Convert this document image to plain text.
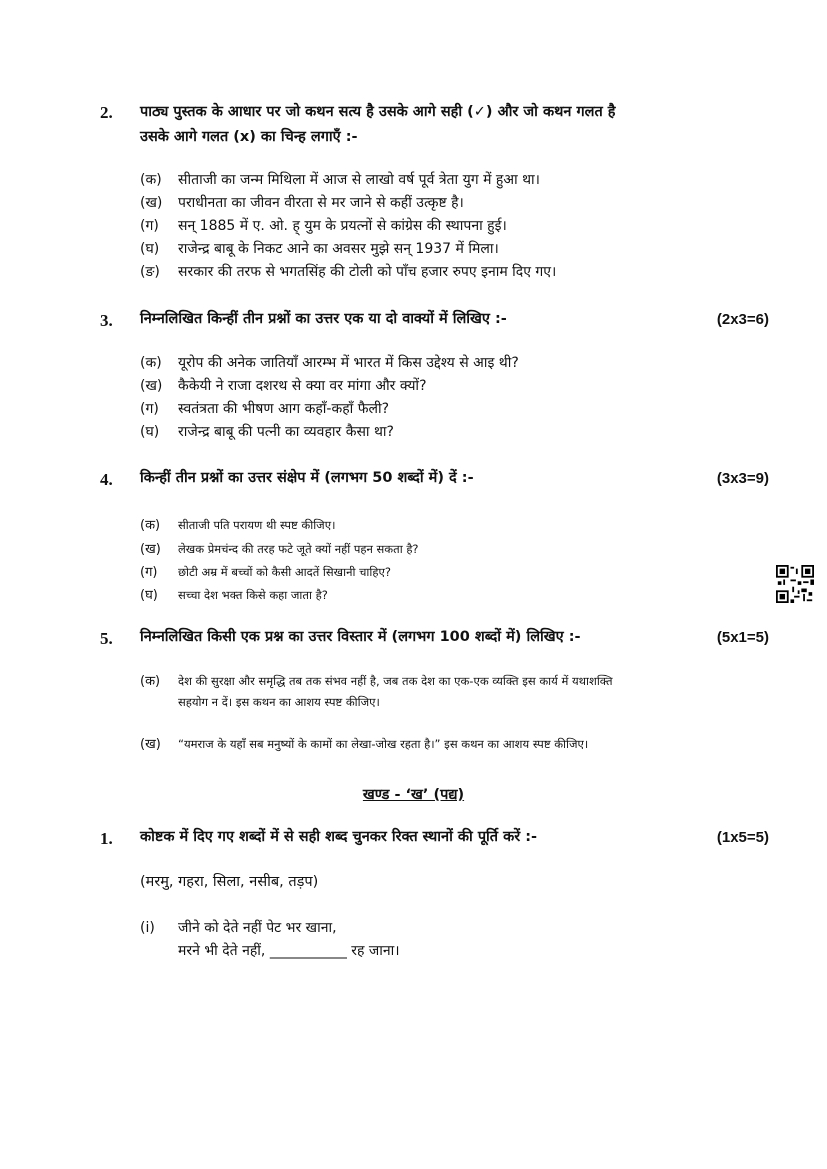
2. पाठ्य पुस्तक के आधार पर जो कथन सत्य है उसके आगे सही (✓) और जो कथन गलत है
उसके आगे गलत (x) का चिन्ह लगाएँ :-
(क) सीताजी का जन्म मिथिला में आज से लाखो वर्ष पूर्व त्रेता युग में हुआ था।
(ख) पराधीनता का जीवन वीरता से मर जाने से कहीं उत्कृष्ट है।
(ग) सन् 1885 में ए. ओ. ह् युम के प्रयत्नों से कांग्रेस की स्थापना हुई।
(घ) राजेन्द्र बाबू के निकट आने का अवसर मुझे सन् 1937 में मिला।
(ङ) सरकार की तरफ से भगतसिंह की टोली को पाँच हजार रुपए इनाम दिए गए।
3. निम्नलिखित किन्हीं तीन प्रश्नों का उत्तर एक या दो वाक्यों में लिखिए :-	(2x3=6)
(क) यूरोप की अनेक जातियाँ आरम्भ में भारत में किस उद्देश्य से आइ थी?
(ख) कैकेयी ने राजा दशरथ से क्या वर मांगा और क्यों?
(ग) स्वतंत्रता की भीषण आग कहाँ-कहाँ फैली?
(घ) राजेन्द्र बाबू की पत्नी का व्यवहार कैसा था?
4. किन्हीं तीन प्रश्नों का उत्तर संक्षेप में (लगभग 50 शब्दों में) दें :-	(3x3=9)
(क) सीताजी पति परायण थी स्पष्ट कीजिए।
(ख) लेखक प्रेमचंन्द की तरह फटे जूते क्यों नहीं पहन सकता है?
(ग) छोटी अम्र में बच्चों को कैसी आदतें सिखानी चाहिए?
(घ) सच्चा देश भक्त किसे कहा जाता है?
5. निम्नलिखित किसी एक प्रश्न का उत्तर विस्तार में (लगभग 100 शब्दों में) लिखिए :-	(5x1=5)
(क) देश की सुरक्षा और समृद्धि तब तक संभव नहीं है, जब तक देश का एक-एक व्यक्ति इस कार्य में यथाशक्ति
सहयोग न दें। इस कथन का आशय स्पष्ट कीजिए।
(ख) “यमराज के यहाँ सब मनुष्यों के कामों का लेखा-जोख रहता है।” इस कथन का आशय स्पष्ट कीजिए।
खण्ड - ‘ख’ (पद्य)
1. कोष्टक में दिए गए शब्दों में से सही शब्द चुनकर रिक्त स्थानों की पूर्ति करें :-	(1x5=5)
(मरमु, गहरा, सिला, नसीब, तड़प)
(i) जीने को देते नहीं पेट भर खाना,
मरने भी देते नहीं, ___________ रह जाना।
